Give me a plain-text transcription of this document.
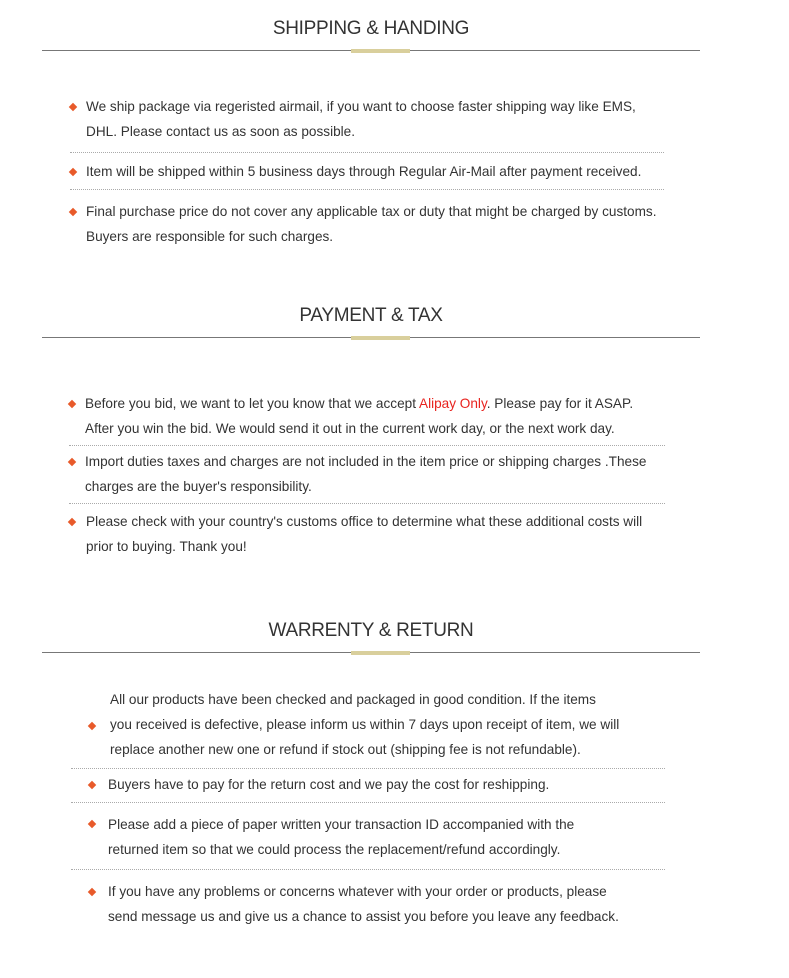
SHIPPING & HANDING
We ship package via regeristed airmail, if you want to choose faster shipping way like EMS,
DHL. Please contact us as soon as possible.
Item will be shipped within 5 business days through Regular Air-Mail after payment received.
Final purchase price do not cover any applicable tax or duty that might be charged by customs.
Buyers are responsible for such charges.
PAYMENT & TAX
Before you bid, we want to let you know that we accept Alipay Only. Please pay for it ASAP.
After you win the bid. We would send it out in the current work day, or the next work day.
Import duties taxes and charges are not included in the item price or shipping charges .These
charges are the buyer's responsibility.
Please check with your country's customs office to determine what these additional costs will
prior to buying. Thank you!
WARRENTY & RETURN
All our products have been checked and packaged in good condition. If the items
you received is defective, please inform us within 7 days upon receipt of item, we will
replace another new one or refund if stock out (shipping fee is not refundable).
Buyers have to pay for the return cost and we pay the cost for reshipping.
Please add a piece of paper written your transaction ID accompanied with the
returned item so that we could process the replacement/refund accordingly.
If you have any problems or concerns whatever with your order or products, please
send message us and give us a chance to assist you before you leave any feedback.
